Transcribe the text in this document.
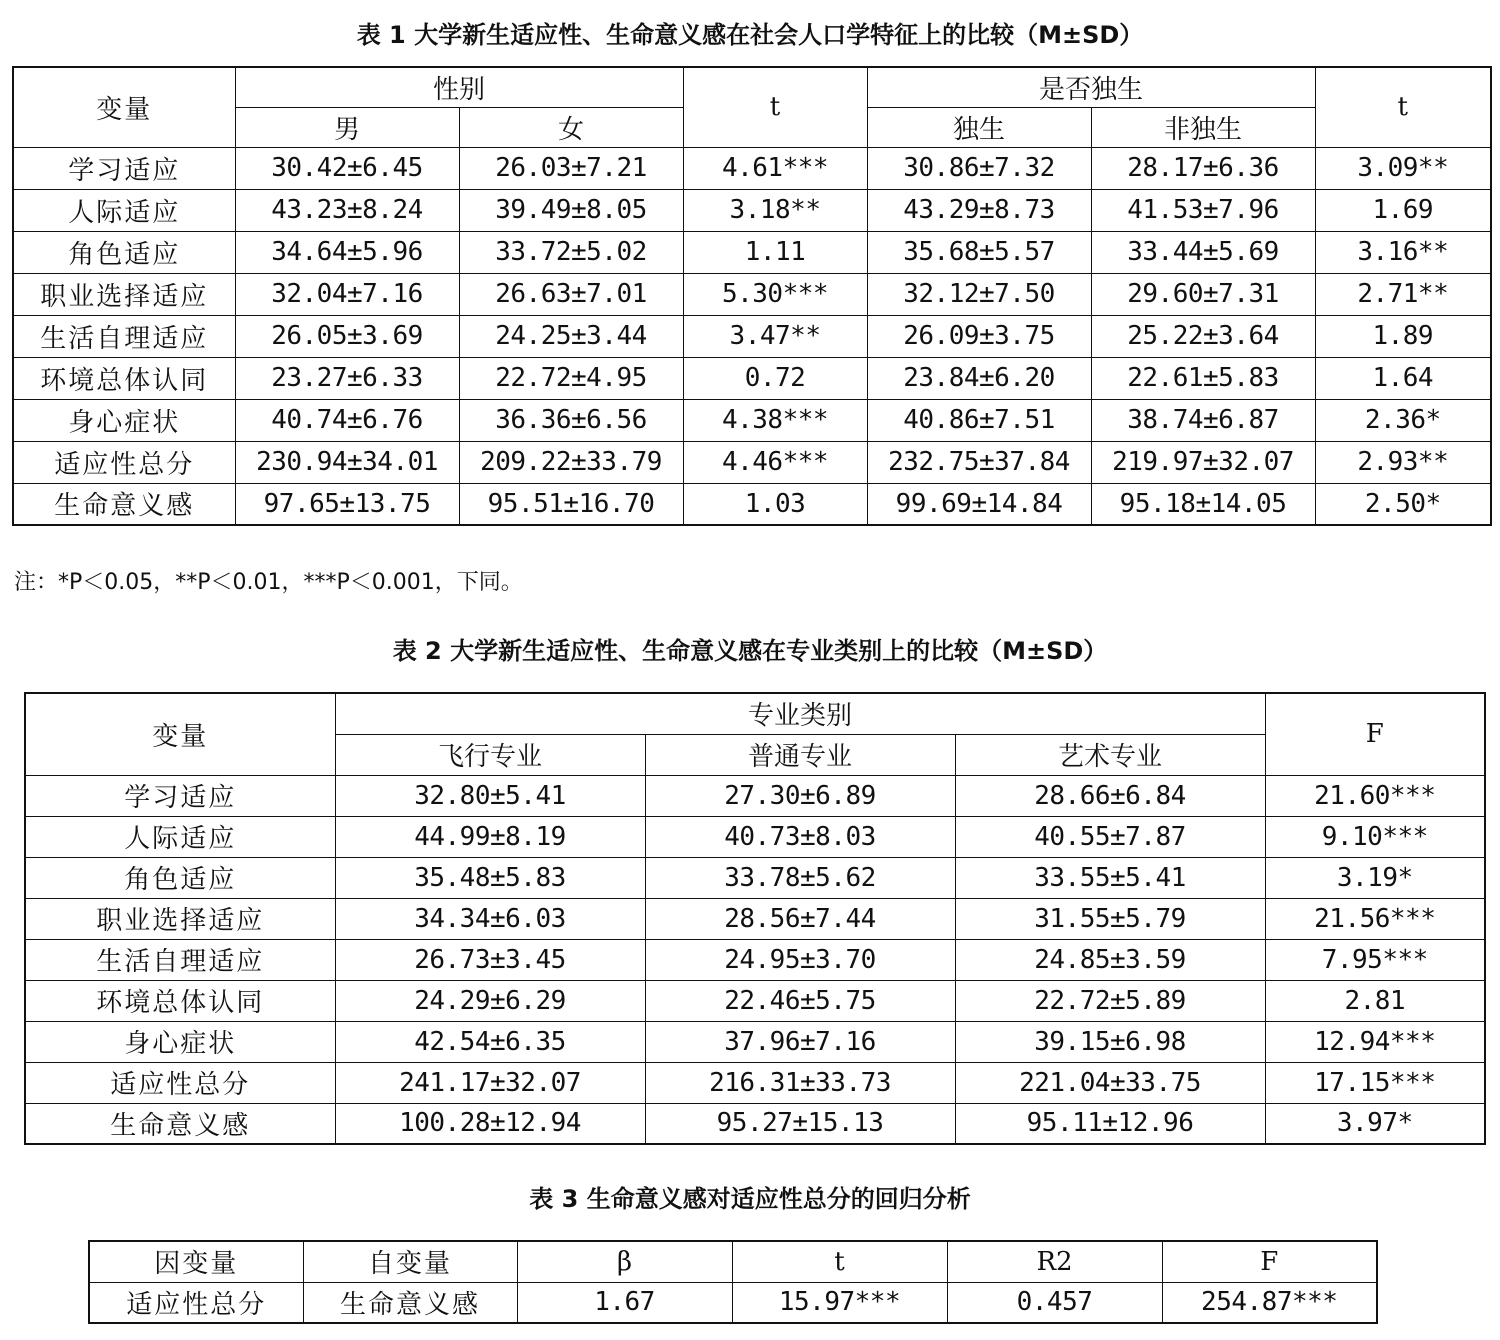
表 1 大学新生适应性、生命意义感在社会人口学特征上的比较（M±SD）
变量	性别		t	是否独生		t
	男	女		独生	非独生	
学习适应	30.42±6.45	26.03±7.21	4.61***	30.86±7.32	28.17±6.36	3.09**
人际适应	43.23±8.24	39.49±8.05	3.18**	43.29±8.73	41.53±7.96	1.69
角色适应	34.64±5.96	33.72±5.02	1.11	35.68±5.57	33.44±5.69	3.16**
职业选择适应	32.04±7.16	26.63±7.01	5.30***	32.12±7.50	29.60±7.31	2.71**
生活自理适应	26.05±3.69	24.25±3.44	3.47**	26.09±3.75	25.22±3.64	1.89
环境总体认同	23.27±6.33	22.72±4.95	0.72	23.84±6.20	22.61±5.83	1.64
身心症状	40.74±6.76	36.36±6.56	4.38***	40.86±7.51	38.74±6.87	2.36*
适应性总分	230.94±34.01	209.22±33.79	4.46***	232.75±37.84	219.97±32.07	2.93**
生命意义感	97.65±13.75	95.51±16.70	1.03	99.69±14.84	95.18±14.05	2.50*
注：*P＜0.05，**P＜0.01，***P＜0.001，下同。
表 2 大学新生适应性、生命意义感在专业类别上的比较（M±SD）
变量	专业类别			F
	飞行专业	普通专业	艺术专业	
学习适应	32.80±5.41	27.30±6.89	28.66±6.84	21.60***
人际适应	44.99±8.19	40.73±8.03	40.55±7.87	9.10***
角色适应	35.48±5.83	33.78±5.62	33.55±5.41	3.19*
职业选择适应	34.34±6.03	28.56±7.44	31.55±5.79	21.56***
生活自理适应	26.73±3.45	24.95±3.70	24.85±3.59	7.95***
环境总体认同	24.29±6.29	22.46±5.75	22.72±5.89	2.81
身心症状	42.54±6.35	37.96±7.16	39.15±6.98	12.94***
适应性总分	241.17±32.07	216.31±33.73	221.04±33.75	17.15***
生命意义感	100.28±12.94	95.27±15.13	95.11±12.96	3.97*
表 3 生命意义感对适应性总分的回归分析
因变量	自变量	β	t	R2	F
适应性总分	生命意义感	1.67	15.97***	0.457	254.87***
